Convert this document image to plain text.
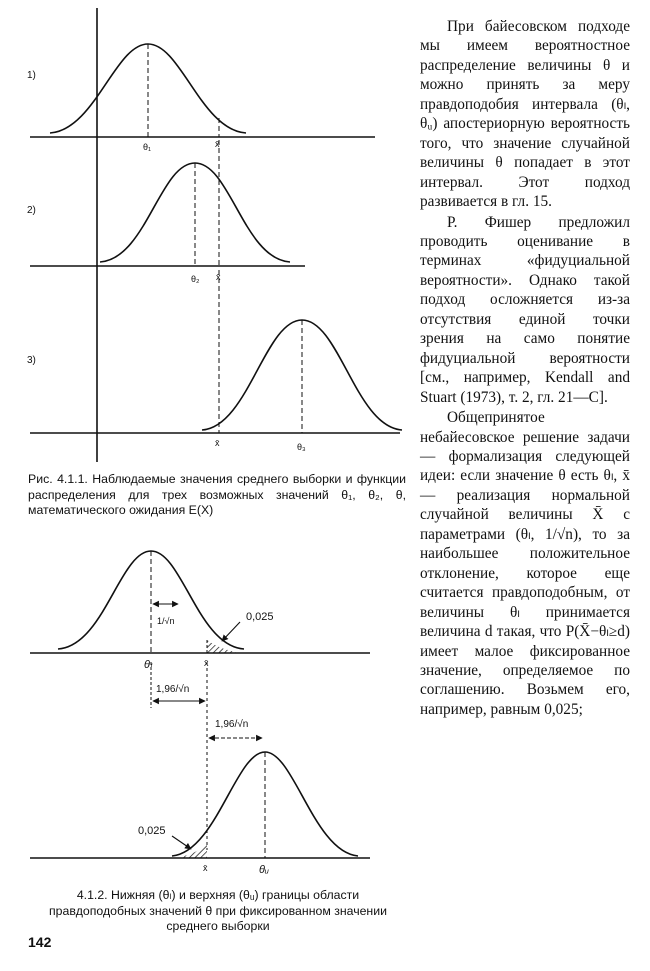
1)
θ₁	x̄
2)
θ₂ x̄
3)
θ₃
x̄

Рис. 4.1.1. Наблюдаемые значения среднего выборки и функции распределения для трех возможных значений θ₁, θ₂, θ, математического ожидания E(X)

1/√n	0,025
θₗ	x̄
1,96/√n
1,96/√n
0,025
x̄	θᵤ

4.1.2. Нижняя (θₗ) и верхняя (θᵤ) границы области правдоподобных значений θ при фиксированном значении среднего выборки

При байесовском подходе мы имеем вероятностное распределение величины θ и можно принять за меру правдоподобия интервала (θₗ, θᵤ) апостериорную вероятность того, что значение случайной величины θ попадает в этот интервал. Этот подход развивается в гл. 15.

Р. Фишер предложил проводить оценивание в терминах «фидуциальной вероятности». Однако такой подход осложняется из-за отсутствия единой точки зрения на само понятие фидуциальной вероятности [см., например, Kendall and Stuart (1973), т. 2, гл. 21—С].

Общепринятое небайесовское решение задачи — формализация следующей идеи: если значение θ есть θₗ, x̄ — реализация нормальной случайной величины X̄ с параметрами (θₗ, 1/√n), то за наибольшее положительное отклонение, которое еще считается правдоподобным, от величины θₗ принимается величина d такая, что P(X̄−θₗ≥d) имеет малое фиксированное значение, определяемое по соглашению. Возьмем его, например, равным 0,025;

142
